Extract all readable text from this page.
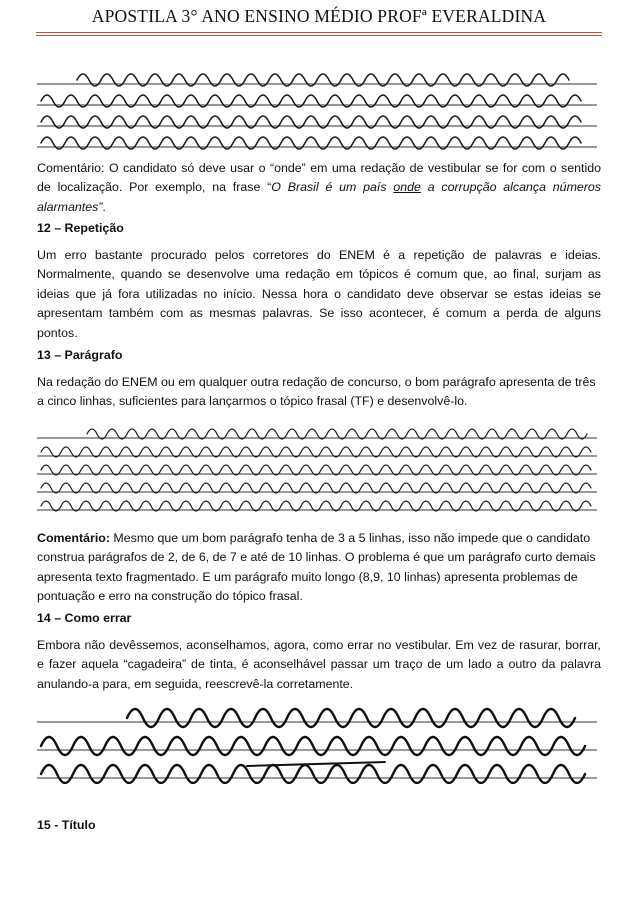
APOSTILA 3° ANO ENSINO MÉDIO PROFª EVERALDINA

Comentário: O candidato só deve usar o “onde” em uma redação de vestibular se for com o sentido de localização. Por exemplo, na frase “O Brasil é um país onde a corrupção alcança números alarmantes”.

12 – Repetição
Um erro bastante procurado pelos corretores do ENEM é a repetição de palavras e ideias. Normalmente, quando se desenvolve uma redação em tópicos é comum que, ao final, surjam as ideias que já fora utilizadas no início. Nessa hora o candidato deve observar se estas ideias se apresentam também com as mesmas palavras. Se isso acontecer, é comum a perda de alguns pontos.
13 – Parágrafo
Na redação do ENEM ou em qualquer outra redação de concurso, o bom parágrafo apresenta de três a cinco linhas, suficientes para lançarmos o tópico frasal (TF) e desenvolvê-lo.

Comentário: Mesmo que um bom parágrafo tenha de 3 a 5 linhas, isso não impede que o candidato construa parágrafos de 2, de 6, de 7 e até de 10 linhas. O problema é que um parágrafo curto demais apresenta texto fragmentado. E um parágrafo muito longo (8,9, 10 linhas) apresenta problemas de pontuação e erro na construção do tópico frasal.

14 – Como errar
Embora não devêssemos, aconselhamos, agora, como errar no vestibular. Em vez de rasurar, borrar, e fazer aquela “cagadeira” de tinta, é aconselhável passar um traço de um lado a outro da palavra anulando-a para, em seguida, reescrevê-la corretamente.
15 - Título
